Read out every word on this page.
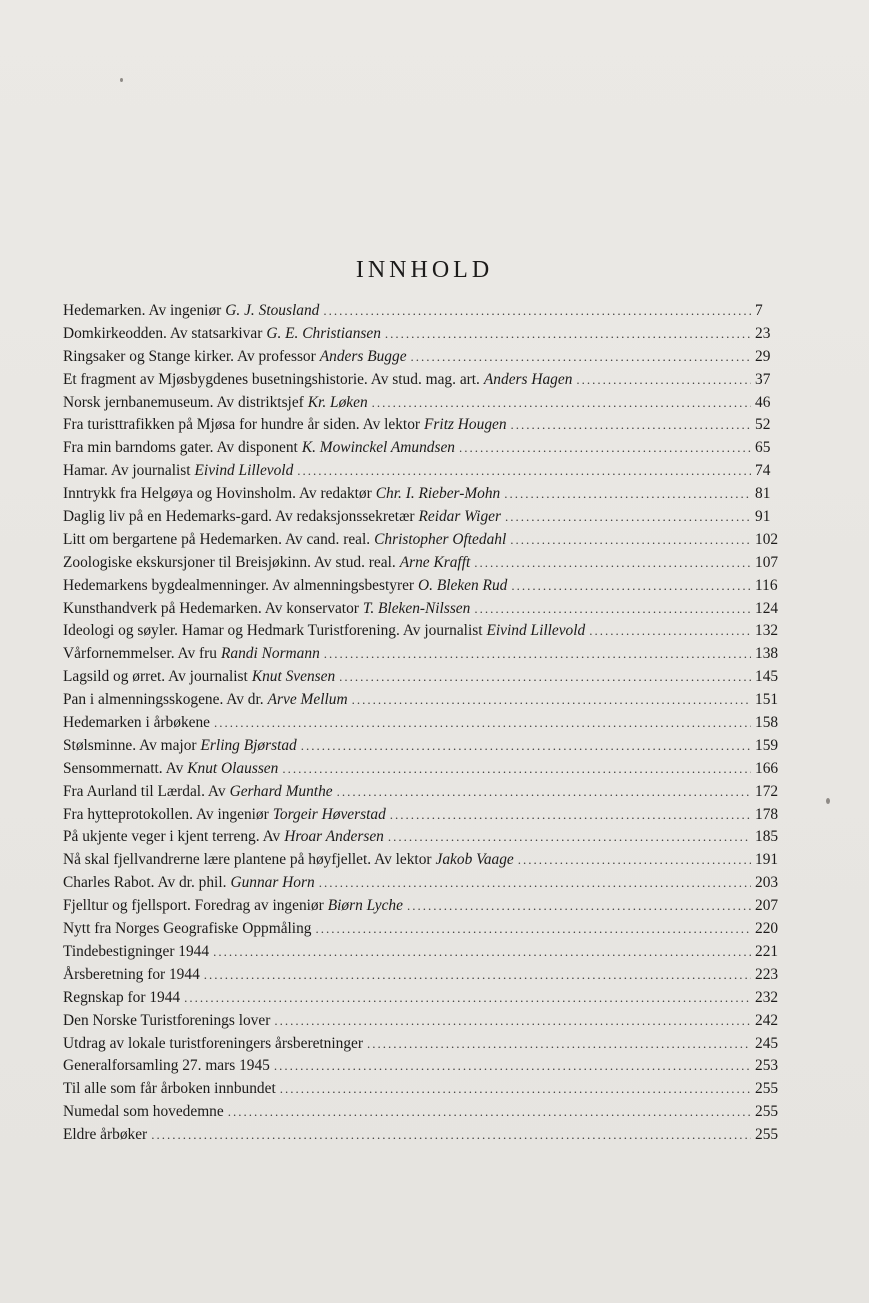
INNHOLD
Hedemarken. Av ingeniør G. J. Stousland .....	7
Domkirkeodden. Av statsarkivar G. E. Christiansen .....	23
Ringsaker og Stange kirker. Av professor Anders Bugge .....	29
Et fragment av Mjøsbygdenes busetningshistorie. Av stud. mag. art. Anders Hagen .....	37
Norsk jernbanemuseum. Av distriktsjef Kr. Løken .....	46
Fra turisttrafikken på Mjøsa for hundre år siden. Av lektor Fritz Hougen .....	52
Fra min barndoms gater. Av disponent K. Mowinckel Amundsen .....	65
Hamar. Av journalist Eivind Lillevold .....	74
Inntrykk fra Helgøya og Hovinsholm. Av redaktør Chr. I. Rieber-Mohn .....	81
Daglig liv på en Hedemarks-gard. Av redaksjonssekretær Reidar Wiger .....	91
Litt om bergartene på Hedemarken. Av cand. real. Christopher Oftedahl .....	102
Zoologiske ekskursjoner til Breisjøkinn. Av stud. real. Arne Krafft .....	107
Hedemarkens bygdealmenninger. Av almenningsbestyrer O. Bleken Rud .....	116
Kunsthandverk på Hedemarken. Av konservator T. Bleken-Nilssen .....	124
Ideologi og søyler. Hamar og Hedmark Turistforening. Av journalist Eivind Lillevold .....	132
Vårfornemmelser. Av fru Randi Normann .....	138
Lagsild og ørret. Av journalist Knut Svensen .....	145
Pan i almenningsskogene. Av dr. Arve Mellum .....	151
Hedemarken i årbøkene .....	158
Stølsminne. Av major Erling Bjørstad .....	159
Sensommernatt. Av Knut Olaussen .....	166
Fra Aurland til Lærdal. Av Gerhard Munthe .....	172
Fra hytteprotokollen. Av ingeniør Torgeir Høverstad .....	178
På ukjente veger i kjent terreng. Av Hroar Andersen .....	185
Nå skal fjellvandrerne lære plantene på høyfjellet. Av lektor Jakob Vaage .....	191
Charles Rabot. Av dr. phil. Gunnar Horn .....	203
Fjelltur og fjellsport. Foredrag av ingeniør Biørn Lyche .....	207
Nytt fra Norges Geografiske Oppmåling .....	220
Tindebestigninger 1944 .....	221
Årsberetning for 1944 .....	223
Regnskap for 1944 .....	232
Den Norske Turistforenings lover .....	242
Utdrag av lokale turistforeningers årsberetninger .....	245
Generalforsamling 27. mars 1945 .....	253
Til alle som får årboken innbundet .....	255
Numedal som hovedemne .....	255
Eldre årbøker .....	255
